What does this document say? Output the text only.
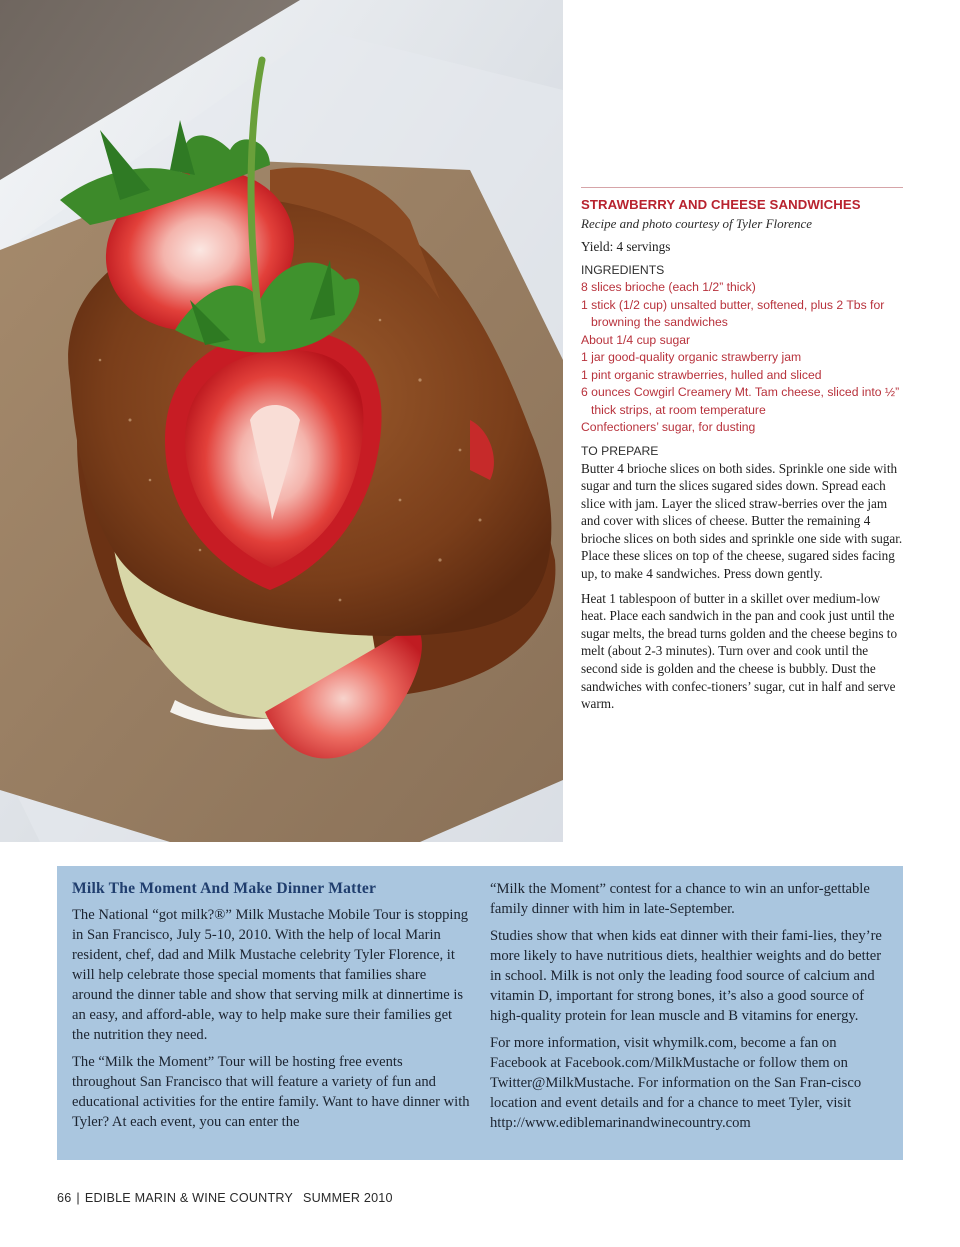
STRAWBERRY AND CHEESE SANDWICHES
Recipe and photo courtesy of Tyler Florence
Yield: 4 servings
INGREDIENTS
8 slices brioche (each 1/2” thick)
1 stick (1/2 cup) unsalted butter, softened, plus 2 Tbs for browning the sandwiches
About 1/4 cup sugar
1 jar good-quality organic strawberry jam
1 pint organic strawberries, hulled and sliced
6 ounces Cowgirl Creamery Mt. Tam cheese, sliced into ½” thick strips, at room temperature
Confectioners’ sugar, for dusting
TO PREPARE

Butter 4 brioche slices on both sides. Sprinkle one side with sugar and turn the slices sugared sides down. Spread each slice with jam. Layer the sliced straw-berries over the jam and cover with slices of cheese. Butter the remaining 4 brioche slices on both sides and sprinkle one side with sugar. Place these slices on top of the cheese, sugared sides facing up, to make 4 sandwiches. Press down gently.

Heat 1 tablespoon of butter in a skillet over medium-low heat. Place each sandwich in the pan and cook just until the sugar melts, the bread turns golden and the cheese begins to melt (about 2-3 minutes). Turn over and cook until the second side is golden and the cheese is bubbly. Dust the sandwiches with confec-tioners’ sugar, cut in half and serve warm.

Milk The Moment And Make Dinner Matter

The National “got milk?®” Milk Mustache Mobile Tour is stopping in San Francisco, July 5-10, 2010. With the help of local Marin resident, chef, dad and Milk Mustache celebrity Tyler Florence, it will help celebrate those special moments that families share around the dinner table and show that serving milk at dinnertime is an easy, and afford-able, way to help make sure their families get the nutrition they need.

The “Milk the Moment” Tour will be hosting free events throughout San Francisco that will feature a variety of fun and educational activities for the entire family. Want to have dinner with Tyler? At each event, you can enter the

“Milk the Moment” contest for a chance to win an unfor-gettable family dinner with him in late-September.

Studies show that when kids eat dinner with their fami-lies, they’re more likely to have nutritious diets, healthier weights and do better in school. Milk is not only the leading food source of calcium and vitamin D, important for strong bones, it’s also a good source of high-quality protein for lean muscle and B vitamins for energy.

For more information, visit whymilk.com, become a fan on Facebook at Facebook.com/MilkMustache or follow them on Twitter@MilkMustache. For information on the San Fran-cisco location and event details and for a chance to meet Tyler, visit http://www.ediblemarinandwinecountry.com

66 | EDIBLE MARIN & WINE COUNTRY SUMMER 2010
